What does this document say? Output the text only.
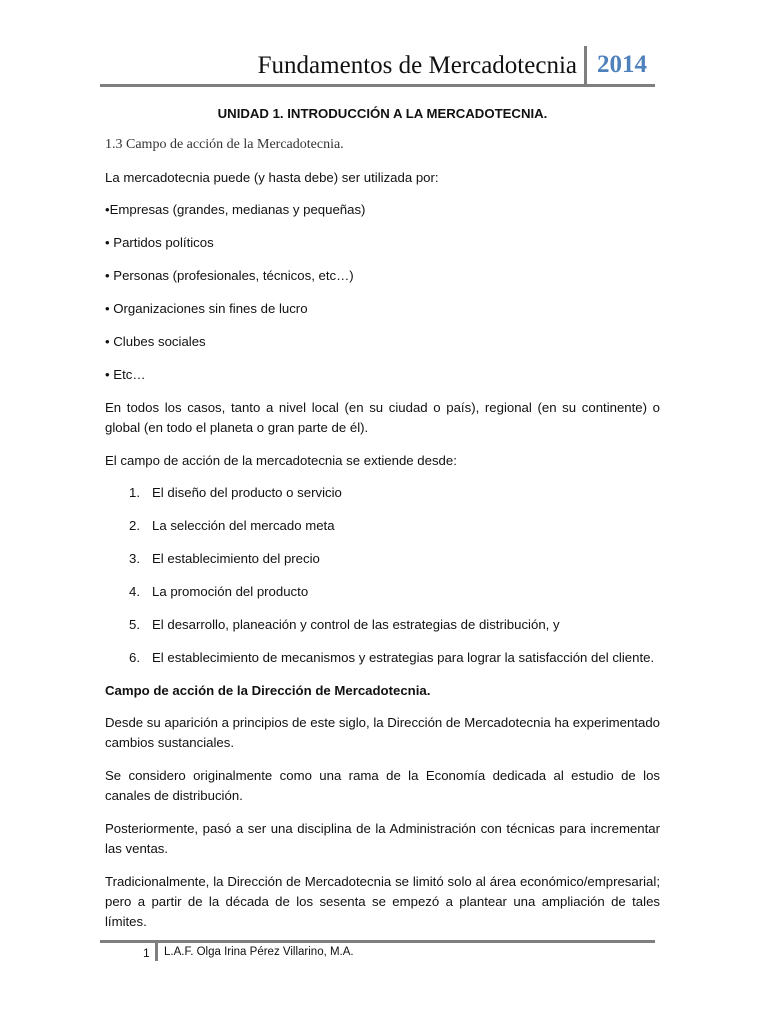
Fundamentos de Mercadotecnia 2014
UNIDAD 1. INTRODUCCIÓN A LA MERCADOTECNIA.
1.3 Campo de acción de la Mercadotecnia.
La mercadotecnia puede (y hasta debe) ser utilizada por:
•Empresas (grandes, medianas y pequeñas)
• Partidos políticos
• Personas (profesionales, técnicos, etc…)
• Organizaciones sin fines de lucro
• Clubes sociales
• Etc…
En todos los casos, tanto a nivel local (en su ciudad o país), regional (en su continente) o global (en todo el planeta o gran parte de él).
El campo de acción de la mercadotecnia se extiende desde:
1. El diseño del producto o servicio
2. La selección del mercado meta
3. El establecimiento del precio
4. La promoción del producto
5. El desarrollo, planeación y control de las estrategias de distribución, y
6. El establecimiento de mecanismos y estrategias para lograr la satisfacción del cliente.
Campo de acción de la Dirección de Mercadotecnia.
Desde su aparición a principios de este siglo, la Dirección de Mercadotecnia ha experimentado cambios sustanciales.
Se considero originalmente como una rama de la Economía dedicada al estudio de los canales de distribución.
Posteriormente, pasó a ser una disciplina de la Administración con técnicas para incrementar las ventas.
Tradicionalmente, la Dirección de Mercadotecnia se limitó solo al área económico/empresarial; pero a partir de la década de los sesenta se empezó a plantear una ampliación de tales límites.
1 L.A.F. Olga Irina Pérez Villarino, M.A.
